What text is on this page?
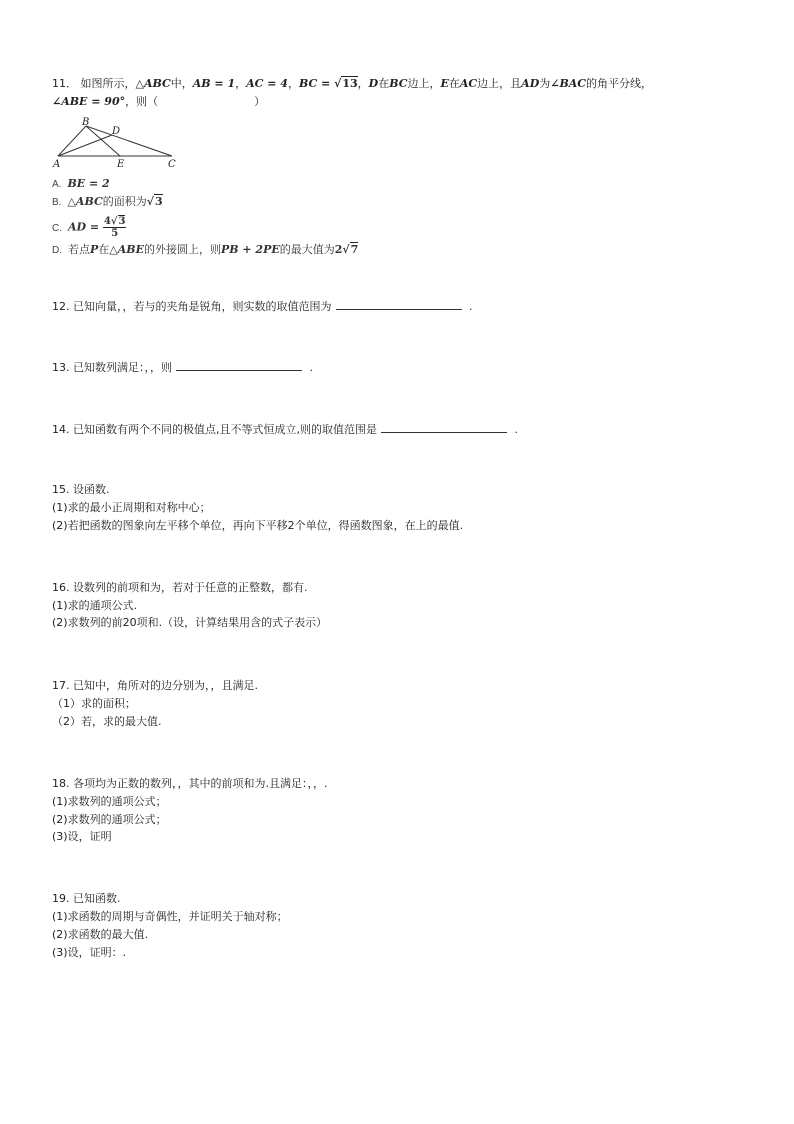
11． 如图所示，△ABC中，AB = 1，AC = 4，BC = √13，D在BC边上，E在AC边上，且AD为∠BAC的角平分线，
∠ABE = 90°，则（	）
A
B
C
D
E
A. BE = 2
B. △ABC的面积为√3
C. AD = $\frac{4√3}{5}$
D. 若点P在△ABE的外接圆上，则PB + 2PE的最大值为2√7
12. 已知向量，，若与的夹角是锐角，则实数的取值范围为	.
13. 已知数列满足：，，则	.
14. 已知函数有两个不同的极值点,且不等式恒成立,则的取值范围是	.
15. 设函数.
(1)求的最小正周期和对称中心；
(2)若把函数的图象向左平移个单位，再向下平移2个单位，得函数图象，在上的最值.
16. 设数列的前项和为，若对于任意的正整数，都有.
(1)求的通项公式.
(2)求数列的前20项和.（设，计算结果用含的式子表示）
17. 已知中，角所对的边分别为，，且满足.
（1）求的面积；
（2）若，求的最大值.
18. 各项均为正数的数列，，其中的前项和为.且满足：，，.
(1)求数列的通项公式；
(2)求数列的通项公式；
(3)设，证明
19. 已知函数.
(1)求函数的周期与奇偶性，并证明关于轴对称；
(2)求函数的最大值.
(3)设，证明：.
